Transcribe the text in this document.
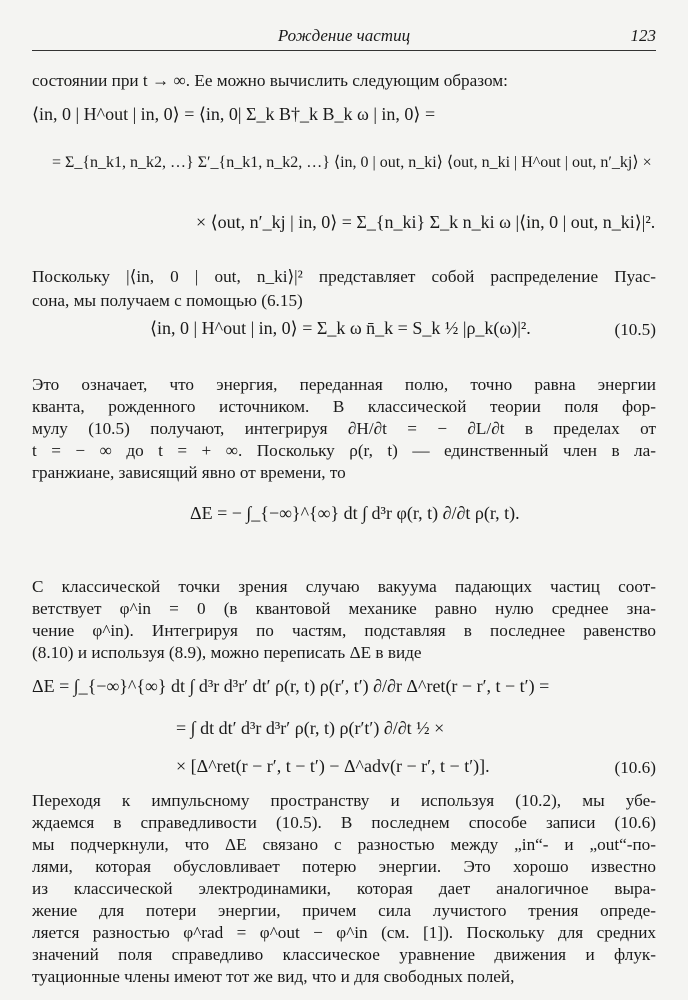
Рождение частиц	123
состоянии при t → ∞. Ее можно вычислить следующим образом:
⟨in, 0 | H^out | in, 0⟩ = ⟨in, 0| Σ_k B†_k B_k ω | in, 0⟩ =
= Σ_{n_k1, n_k2, …} Σ′_{n_k1, n_k2, …} ⟨in, 0 | out, n_ki⟩ ⟨out, n_ki | H^out | out, n′_kj⟩ ×
× ⟨out, n′_kj | in, 0⟩ = Σ_{n_ki} Σ_k n_ki ω |⟨in, 0 | out, n_ki⟩|².
Поскольку |⟨in, 0 | out, n_ki⟩|² представляет собой распределение Пуас-
сона, мы получаем с помощью (6.15)
⟨in, 0 | H^out | in, 0⟩ = Σ_k ω n̄_k = S_k ½ |ρ_k(ω)|².	(10.5)
Это означает, что энергия, переданная полю, точно равна энергии
кванта, рожденного источником. В классической теории поля фор-
мулу (10.5) получают, интегрируя ∂H/∂t = − ∂L/∂t в пределах от
t = − ∞ до t = + ∞. Поскольку ρ(r, t) — единственный член в ла-
гранжиане, зависящий явно от времени, то
ΔE = − ∫_{−∞}^{∞} dt ∫ d³r φ(r, t) ∂/∂t ρ(r, t).
С классической точки зрения случаю вакуума падающих частиц соот-
ветствует φ^in = 0 (в квантовой механике равно нулю среднее зна-
чение φ^in). Интегрируя по частям, подставляя в последнее равенство
(8.10) и используя (8.9), можно переписать ΔE в виде
ΔE = ∫_{−∞}^{∞} dt ∫ d³r d³r′ dt′ ρ(r, t) ρ(r′, t′) ∂/∂r Δ^ret(r − r′, t − t′) =
= ∫ dt dt′ d³r d³r′ ρ(r, t) ρ(r′t′) ∂/∂t ½ ×
× [Δ^ret(r − r′, t − t′) − Δ^adv(r − r′, t − t′)].	(10.6)
Переходя к импульсному пространству и используя (10.2), мы убе-
ждаемся в справедливости (10.5). В последнем способе записи (10.6)
мы подчеркнули, что ΔE связано с разностью между „in“- и „out“-по-
лями, которая обусловливает потерю энергии. Это хорошо известно
из классической электродинамики, которая дает аналогичное выра-
жение для потери энергии, причем сила лучистого трения опреде-
ляется разностью φ^rad = φ^out − φ^in (см. [1]). Поскольку для средних
значений поля справедливо классическое уравнение движения и флук-
туационные члены имеют тот же вид, что и для свободных полей,
